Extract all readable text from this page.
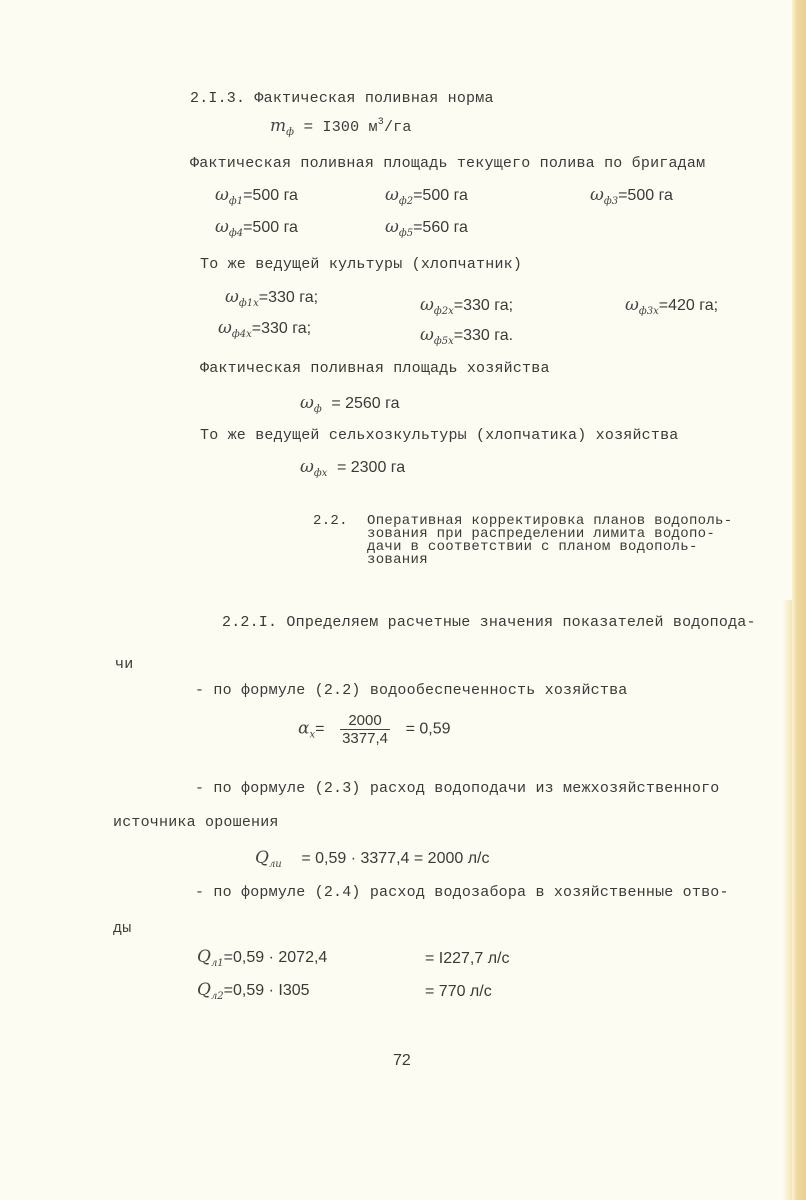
2.I.3. Фактическая поливная норма
$m_ф = I300$ $м^3/га$
Фактическая поливная площадь текущего полива по бригадам
$\omega_{ф1}=500$ га	$\omega_{ф2}=500$ га	$\omega_{ф3}=500$ га
$\omega_{ф4}=500$ га	$\omega_{ф5}=560$ га
То же ведущей культуры (хлопчатник)
$\omega_{ф1х}=330$ га;	$\omega_{ф2х}=330$ га;	$\omega_{ф3х}=420$ га;
$\omega_{ф4х}=330$ га;	$\omega_{ф5х}=330$ га.
Фактическая поливная площадь хозяйства
$\omega_ф = 2560$ га
То же ведущей сельхозкультуры (хлопчатика) хозяйства
$\omega_{фх} = 2300$ га
2.2. Оперативная корректировка планов водополь-
зования при распределении лимита водопо-
дачи в соответствии с планом водополь-
зования
2.2.I. Определяем расчетные значения показателей водопода-
чи
- по формуле (2.2) водообеспеченность хозяйства
$\alpha_х= \frac{2000}{3377,4} = 0,59$
- по формуле (2.3) расход водоподачи из межхозяйственного
источника орошения
$Q_{ли} = 0,59 \cdot 3377,4 = 2000$ л/с
- по формуле (2.4) расход водозабора в хозяйственные отво-
ды
$Q_{л1}=0,59 \cdot 2072,4$	= I227,7 л/с
$Q_{л2}=0,59 \cdot I305$	= 770 л/с
72
